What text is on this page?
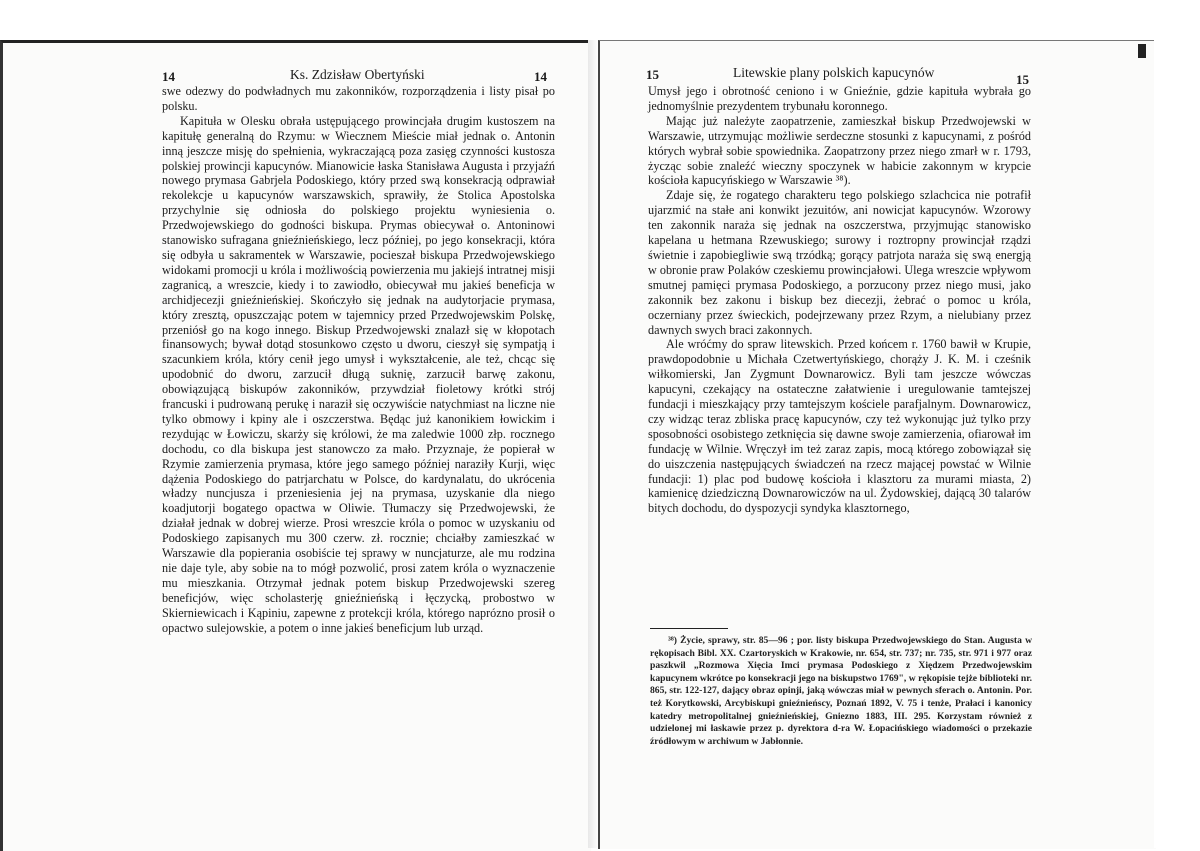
14	Ks. Zdzisław Obertyński	14	15	Litewskie plany polskich kapucynów	15

swe odezwy do podwładnych mu zakonników, rozporządzenia i listy pisał po polsku.

Kapituła w Olesku obrała ustępującego prowincjała drugim kustoszem na kapitułę generalną do Rzymu: w Wiecznem Mieście miał jednak o. Antonin inną jeszcze misję do spełnienia, wykraczającą poza zasięg czynności kustosza polskiej prowincji kapucynów. Mianowicie łaska Stanisława Augusta i przyjaźń nowego prymasa Gabrjela Podoskiego, który przed swą konsekracją odprawiał rekolekcje u kapucynów warszawskich, sprawiły, że Stolica Apostolska przychylnie się odniosła do polskiego projektu wyniesienia o. Przedwojewskiego do godności biskupa. Prymas obiecywał o. Antoninowi stanowisko sufragana gnieźnieńskiego, lecz później, po jego konsekracji, która się odbyła u sakramentek w Warszawie, pocieszał biskupa Przedwojewskiego widokami promocji u króla i możliwością powierzenia mu jakiejś intratnej misji zagranicą, a wreszcie, kiedy i to zawiodło, obiecywał mu jakieś beneficja w archidjecezji gnieźnieńskiej. Skończyło się jednak na audytorjacie prymasa, który zresztą, opuszczając potem w tajemnicy przed Przedwojewskim Polskę, przeniósł go na kogo innego. Biskup Przedwojewski znalazł się w kłopotach finansowych; bywał dotąd stosunkowo często u dworu, cieszył się sympatją i szacunkiem króla, który cenił jego umysł i wykształcenie, ale też, chcąc się upodobnić do dworu, zarzucił długą suknię, zarzucił barwę zakonu, obowiązującą biskupów zakonników, przywdział fioletowy krótki strój francuski i pudrowaną perukę i naraził się oczywiście natychmiast na liczne nie tylko obmowy i kpiny ale i oszczerstwa. Będąc już kanonikiem łowickim i rezydując w Łowiczu, skarży się królowi, że ma zaledwie 1000 złp. rocznego dochodu, co dla biskupa jest stanowczo za mało. Przyznaje, że popierał w Rzymie zamierzenia prymasa, które jego samego później naraziły Kurji, więc dążenia Podoskiego do patrjarchatu w Polsce, do kardynalatu, do ukrócenia władzy nuncjusza i przeniesienia jej na prymasa, uzyskanie dla niego koadjutorji bogatego opactwa w Oliwie. Tłumaczy się Przedwojewski, że działał jednak w dobrej wierze. Prosi wreszcie króla o pomoc w uzyskaniu od Podoskiego zapisanych mu 300 czerw. zł. rocznie; chciałby zamieszkać w Warszawie dla popierania osobiście tej sprawy w nuncjaturze, ale mu rodzina nie daje tyle, aby sobie na to mógł pozwolić, prosi zatem króla o wyznaczenie mu mieszkania. Otrzymał jednak potem biskup Przedwojewski szereg beneficjów, więc scholasterję gnieźnieńską i łęczycką, probostwo w Skierniewicach i Kąpiniu, zapewne z protekcji króla, którego naprózno prosił o opactwo sulejowskie, a potem o inne jakieś beneficjum lub urząd.

Umysł jego i obrotność ceniono i w Gnieźnie, gdzie kapituła wybrała go jednomyślnie prezydentem trybunału koronnego.

Mając już należyte zaopatrzenie, zamieszkał biskup Przedwojewski w Warszawie, utrzymując możliwie serdeczne stosunki z kapucynami, z pośród których wybrał sobie spowiednika. Zaopatrzony przez niego zmarł w r. 1793, życząc sobie znaleźć wieczny spoczynek w habicie zakonnym w krypcie kościoła kapucyńskiego w Warszawie ³⁸).

Zdaje się, że rogatego charakteru tego polskiego szlachcica nie potrafił ujarzmić na stałe ani konwikt jezuitów, ani nowicjat kapucynów. Wzorowy ten zakonnik naraża się jednak na oszczerstwa, przyjmując stanowisko kapelana u hetmana Rzewuskiego; surowy i roztropny prowincjał rządzi świetnie i zapobiegliwie swą trzódką; gorący patrjota naraża się swą energją w obronie praw Polaków czeskiemu prowincjałowi. Ulega wreszcie wpływom smutnej pamięci prymasa Podoskiego, a porzucony przez niego musi, jako zakonnik bez zakonu i biskup bez diecezji, żebrać o pomoc u króla, oczerniany przez świeckich, podejrzewany przez Rzym, a nielubiany przez dawnych swych braci zakonnych.

Ale wróćmy do spraw litewskich. Przed końcem r. 1760 bawił w Krupie, prawdopodobnie u Michała Czetwertyńskiego, chorąży J. K. M. i cześnik wiłkomierski, Jan Zygmunt Downarowicz. Byli tam jeszcze wówczas kapucyni, czekający na ostateczne załatwienie i uregulowanie tamtejszej fundacji i mieszkający przy tamtejszym kościele parafjalnym. Downarowicz, czy widząc teraz zbliska pracę kapucynów, czy też wykonując już tylko przy sposobności osobistego zetknięcia się dawne swoje zamierzenia, ofiarował im fundację w Wilnie. Wręczył im też zaraz zapis, mocą którego zobowiązał się do uiszczenia następujących świadczeń na rzecz mającej powstać w Wilnie fundacji: 1) plac pod budowę kościoła i klasztoru za murami miasta, 2) kamienicę dziedziczną Downarowiczów na ul. Żydowskiej, dającą 30 talarów bitych dochodu, do dyspozycji syndyka klasztornego,

³⁸) Życie, sprawy, str. 85—96 ; por. listy biskupa Przedwojewskiego do Stan. Augusta w rękopisach Bibl. XX. Czartoryskich w Krakowie, nr. 654, str. 737; nr. 735, str. 971 i 977 oraz paszkwil „Rozmowa Xięcia Imci prymasa Podoskiego z Xiędzem Przedwojewskim kapucynem wkrótce po konsekracji jego na biskupstwo 1769", w rękopisie tejże biblioteki nr. 865, str. 122-127, dający obraz opinji, jaką wówczas miał w pewnych sferach o. Antonin. Por. też Korytkowski, Arcybiskupi gnieźnieńscy, Poznań 1892, V. 75 i tenże, Prałaci i kanonicy katedry metropolitalnej gnieźnieńskiej, Gniezno 1883, III. 295. Korzystam również z udzielonej mi łaskawie przez p. dyrektora d-ra W. Łopacińskiego wiadomości o przekazie źródłowym w archiwum w Jabłonnie.
